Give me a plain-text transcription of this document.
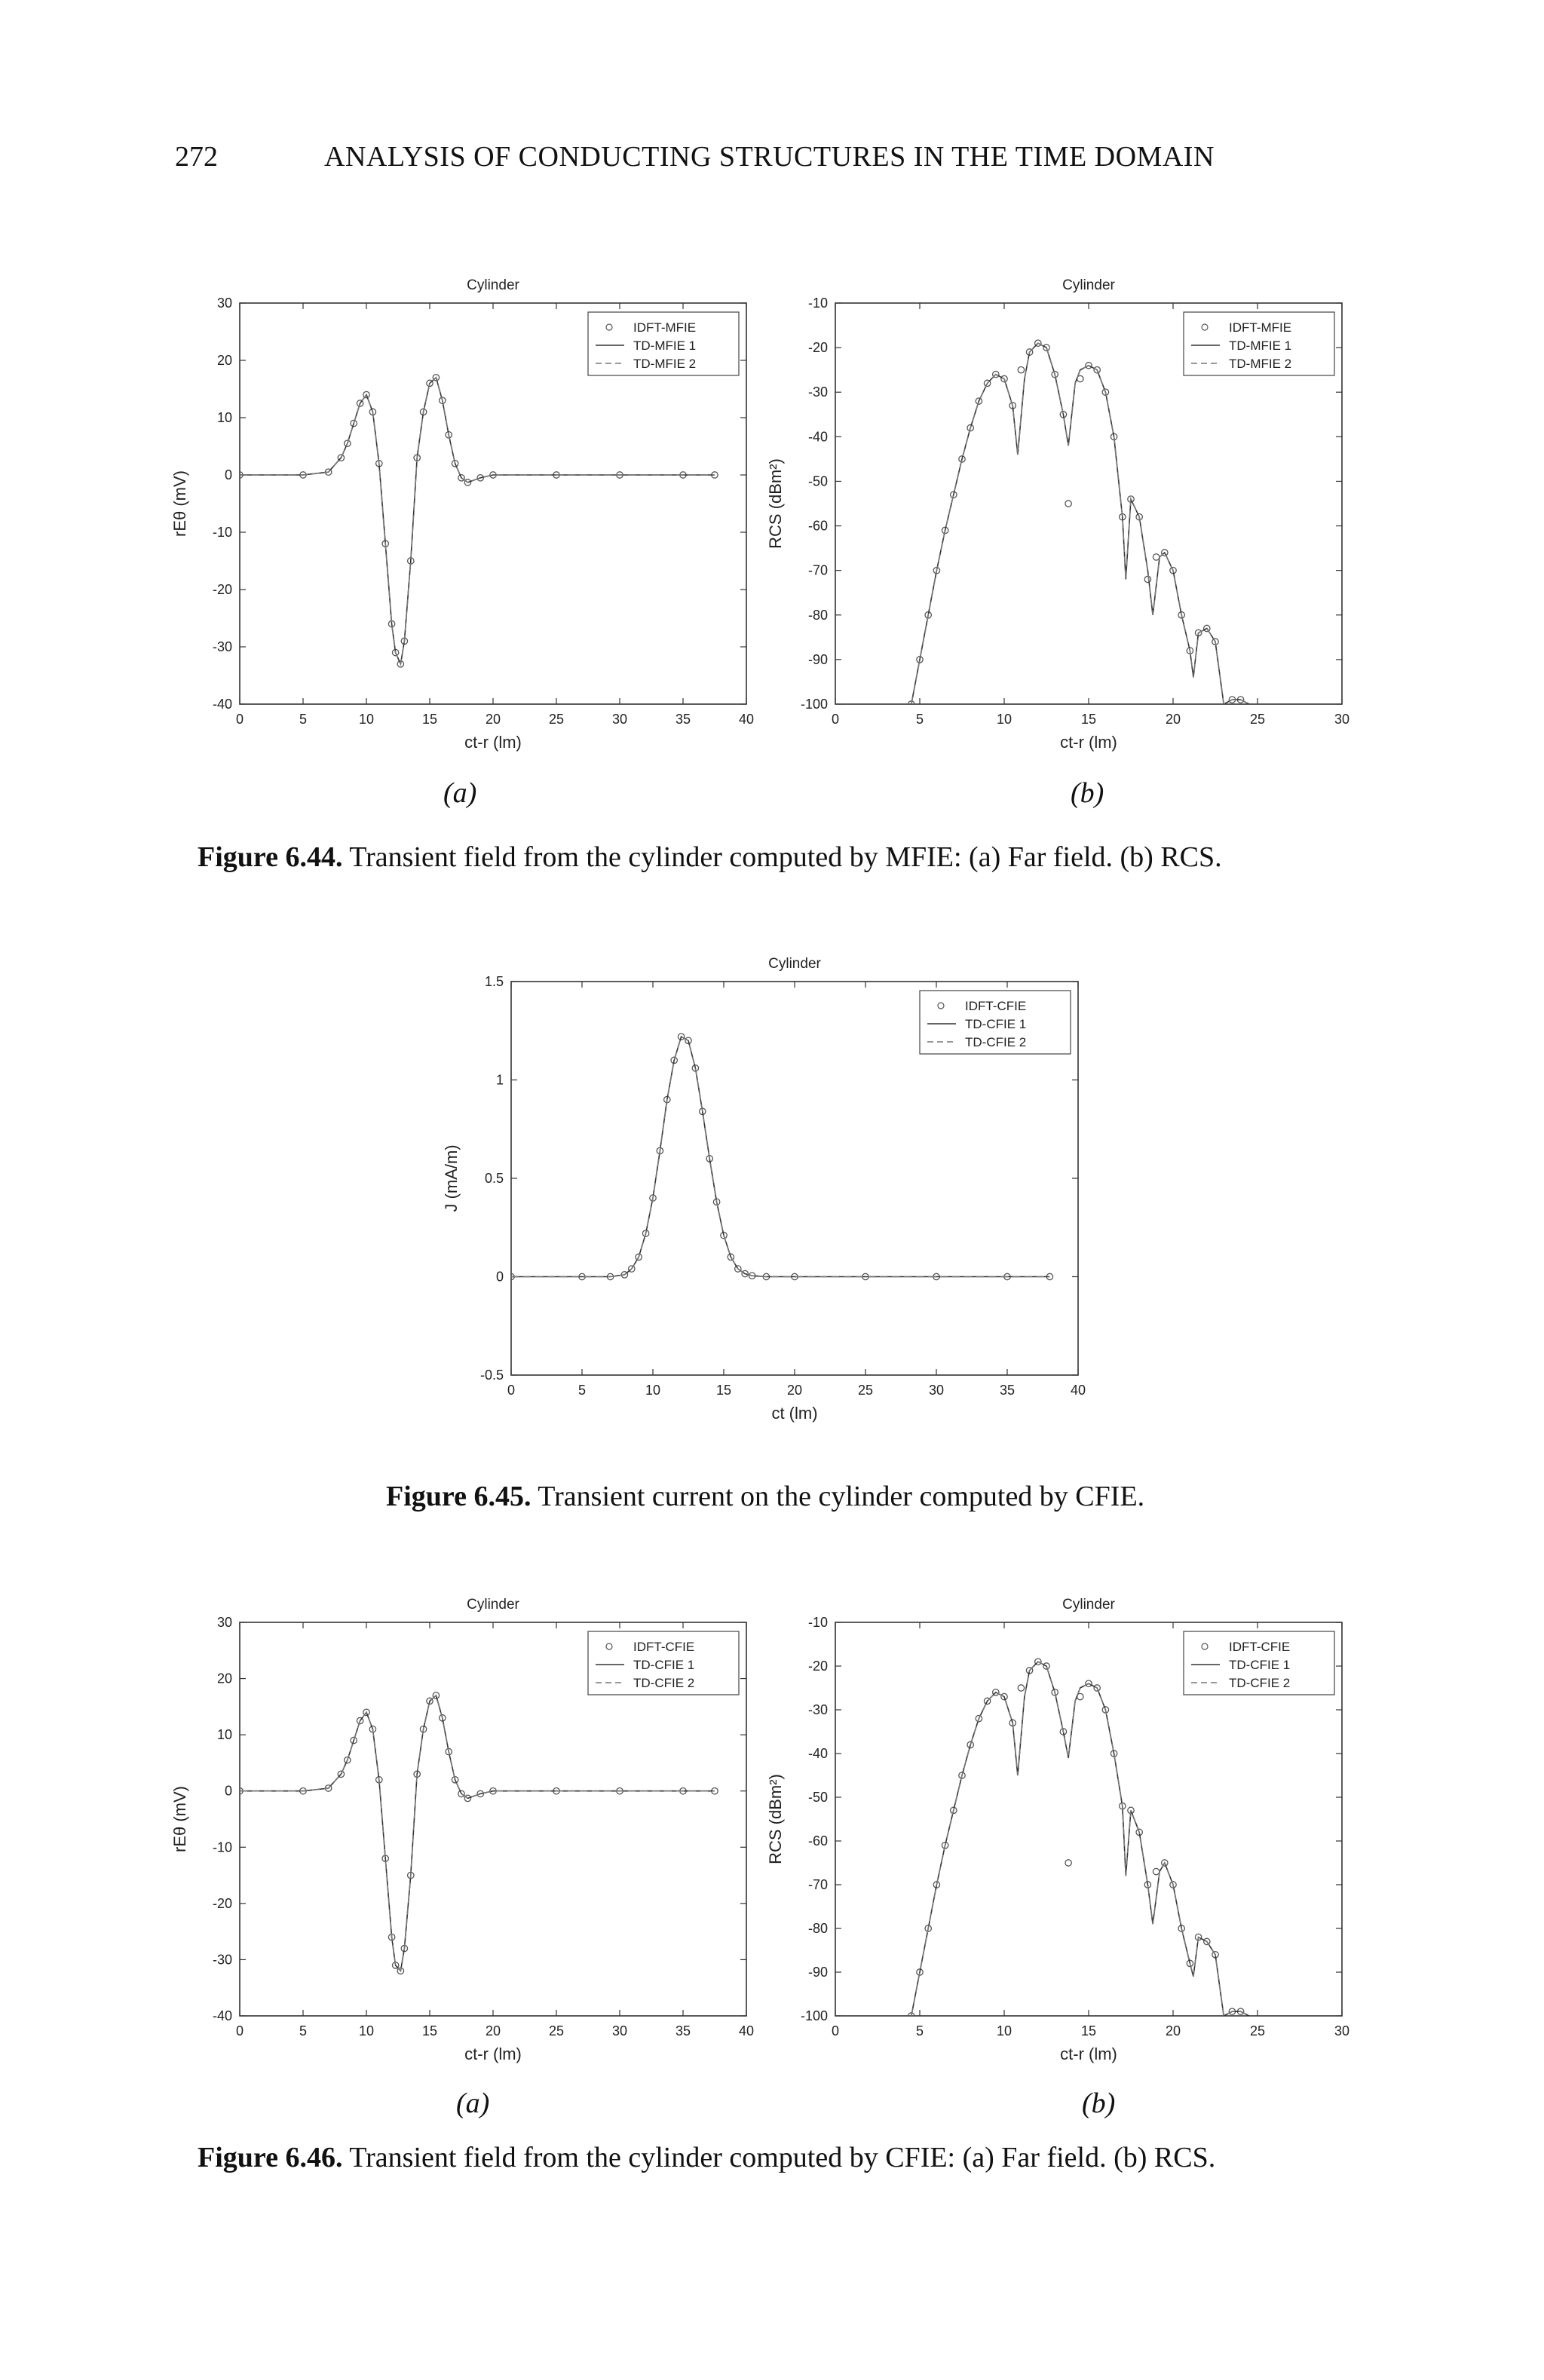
272	ANALYSIS OF CONDUCTING STRUCTURES IN THE TIME DOMAIN
Cylinder
0	5	10	15	20	25	30	35	40
30
20
10
0
-10
-20
-30
-40
ct-r (lm)
rEθ (mV)
IDFT-MFIE
TD-MFIE 1
TD-MFIE 2
Cylinder
0	5	10	15	20	25	30
-10
-20
-30
-40
-50
-60
-70
-80
-90
-100
ct-r (lm)
RCS (dBm²)
IDFT-MFIE
TD-MFIE 1
TD-MFIE 2
(a)	(b)
Figure 6.44. Transient field from the cylinder computed by MFIE: (a) Far field. (b) RCS.
Cylinder
0	5	10	15	20	25	30	35	40
1.5
1
0.5
0
-0.5
ct (lm)
J (mA/m)
IDFT-CFIE
TD-CFIE 1
TD-CFIE 2
Figure 6.45. Transient current on the cylinder computed by CFIE.
Cylinder
0	5	10	15	20	25	30	35	40
30
20
10
0
-10
-20
-30
-40
ct-r (lm)
rEθ (mV)
IDFT-CFIE
TD-CFIE 1
TD-CFIE 2
Cylinder
0	5	10	15	20	25	30
-10
-20
-30
-40
-50
-60
-70
-80
-90
-100
ct-r (lm)
RCS (dBm²)
IDFT-CFIE
TD-CFIE 1
TD-CFIE 2
(a)	(b)
Figure 6.46. Transient field from the cylinder computed by CFIE: (a) Far field. (b) RCS.
